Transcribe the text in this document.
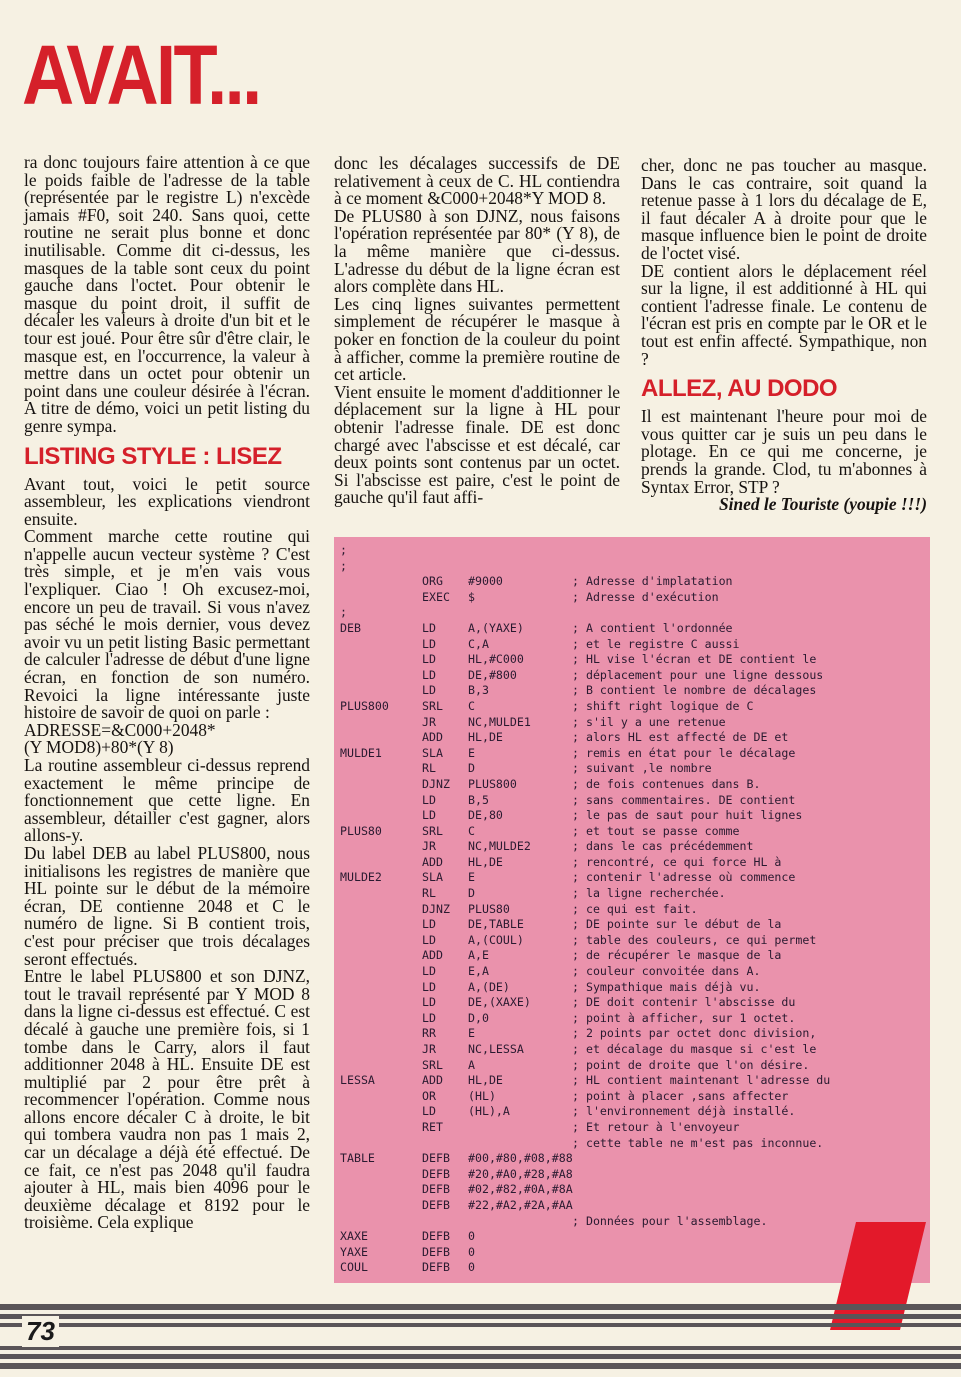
AVAIT...

ra donc toujours faire attention à ce que le poids faible de l'adresse de la table (représentée par le registre L) n'excède jamais #F0, soit 240. Sans quoi, cette routine ne serait plus bonne et donc inutilisable. Comme dit ci-dessus, les masques de la table sont ceux du point gauche dans l'octet. Pour obtenir le masque du point droit, il suffit de décaler les valeurs à droite d'un bit et le tour est joué. Pour être sûr d'être clair, le masque est, en l'occurrence, la valeur à mettre dans un octet pour obtenir un point dans une couleur désirée à l'écran. A titre de démo, voici un petit listing du genre sympa.

LISTING STYLE : LISEZ

Avant tout, voici le petit source assembleur, les explications viendront ensuite.

Comment marche cette routine qui n'appelle aucun vecteur système ? C'est très simple, et je m'en vais vous l'expliquer. Ciao ! Oh excusez-moi, encore un peu de travail. Si vous n'avez pas séché le mois dernier, vous devez avoir vu un petit listing Basic permettant de calculer l'adresse de début d'une ligne écran, en fonction de son numéro. Revoici la ligne intéressante juste histoire de savoir de quoi on parle :

ADRESSE=&C000+2048*

(Y MOD8)+80*(Y 8)

La routine assembleur ci-dessus reprend exactement le même principe de fonctionnement que cette ligne. En assembleur, détailler c'est gagner, alors allons-y.

Du label DEB au label PLUS800, nous initialisons les registres de manière que HL pointe sur le début de la mémoire écran, DE contienne 2048 et C le numéro de ligne. Si B contient trois, c'est pour préciser que trois décalages seront effectués.

Entre le label PLUS800 et son DJNZ, tout le travail représenté par Y MOD 8 dans la ligne ci-dessus est effectué. C est décalé à gauche une première fois, si 1 tombe dans le Carry, alors il faut additionner 2048 à HL. Ensuite DE est multiplié par 2 pour être prêt à recommencer l'opération. Comme nous allons encore décaler C à droite, le bit qui tombera vaudra non pas 1 mais 2, car un décalage a déjà été effectué. De ce fait, ce n'est pas 2048 qu'il faudra ajouter à HL, mais bien 4096 pour le deuxième décalage et 8192 pour le troisième. Cela explique

donc les décalages successifs de DE relativement à ceux de C. HL contiendra à ce moment &C000+2048*Y MOD 8.

De PLUS80 à son DJNZ, nous faisons l'opération représentée par 80* (Y 8), de la même manière que ci-dessus. L'adresse du début de la ligne écran est alors complète dans HL.

Les cinq lignes suivantes permettent simplement de récupérer le masque à poker en fonction de la couleur du point à afficher, comme la première routine de cet article.

Vient ensuite le moment d'additionner le déplacement sur la ligne à HL pour obtenir l'adresse finale. DE est donc chargé avec l'abscisse et est décalé, car deux points sont contenus par un octet. Si l'abscisse est paire, c'est le point de gauche qu'il faut affi-

cher, donc ne pas toucher au masque. Dans le cas contraire, soit quand la retenue passe à 1 lors du décalage de E, il faut décaler A à droite pour que le masque influence bien le point de droite de l'octet visé.

DE contient alors le déplacement réel sur la ligne, il est additionné à HL qui contient l'adresse finale. Le contenu de l'écran est pris en compte par le OR et le tout est enfin affecté. Sympathique, non ?

ALLEZ, AU DODO

Il est maintenant l'heure pour moi de vous quitter car je suis un peu dans le plotage. En ce qui me concerne, je prends la grande. Clod, tu m'abonnes à Syntax Error, STP ?

Sined le Touriste (youpie !!!)

;
;
ORG #9000	; Adresse d'implatation
EXEC $	; Adresse d'exécution
;
DEB	LD	A,(YAXE)	; A contient l'ordonnée
LD	C,A	; et le registre C aussi
LD	HL,#C000	; HL vise l'écran et DE contient le
LD	DE,#800	; déplacement pour une ligne dessous
LD	B,3	; B contient le nombre de décalages
PLUS800	SRL C	; shift right logique de C
JR	NC,MULDE1	; s'il y a une retenue
ADD HL,DE	; alors HL est affecté de DE et
MULDE1	SLA E	; remis en état pour le décalage
RL	D	; suivant ,le nombre
DJNZ PLUS800	; de fois contenues dans B.
LD	B,5	; sans commentaires. DE contient
LD	DE,80	; le pas de saut pour huit lignes
PLUS80	SRL C	; et tout se passe comme
JR	NC,MULDE2	; dans le cas précédemment
ADD HL,DE	; rencontré, ce qui force HL à
MULDE2	SLA E	; contenir l'adresse où commence
RL	D	; la ligne recherchée.
DJNZ PLUS80	; ce qui est fait.
LD	DE,TABLE	; DE pointe sur le début de la
LD	A,(COUL)	; table des couleurs, ce qui permet
ADD A,E	; de récupérer le masque de la
LD	E,A	; couleur convoitée dans A.
LD	A,(DE)	; Sympathique mais déjà vu.
LD	DE,(XAXE)	; DE doit contenir l'abscisse du
LD	D,0	; point à afficher, sur 1 octet.
RR	E	; 2 points par octet donc division,
JR	NC,LESSA	; et décalage du masque si c'est le
SRL A	; point de droite que l'on désire.
LESSA	ADD HL,DE	; HL contient maintenant l'adresse du
OR	(HL)	; point à placer ,sans affecter
LD	(HL),A	; l'environnement déjà installé.
RET	; Et retour à l'envoyeur
; cette table ne m'est pas inconnue.
TABLE	DEFB #00,#80,#08,#88
DEFB #20,#A0,#28,#A8
DEFB #02,#82,#0A,#8A
DEFB #22,#A2,#2A,#AA
; Données pour l'assemblage.
XAXE	DEFB 0
YAXE	DEFB 0
COUL	DEFB 0
73
